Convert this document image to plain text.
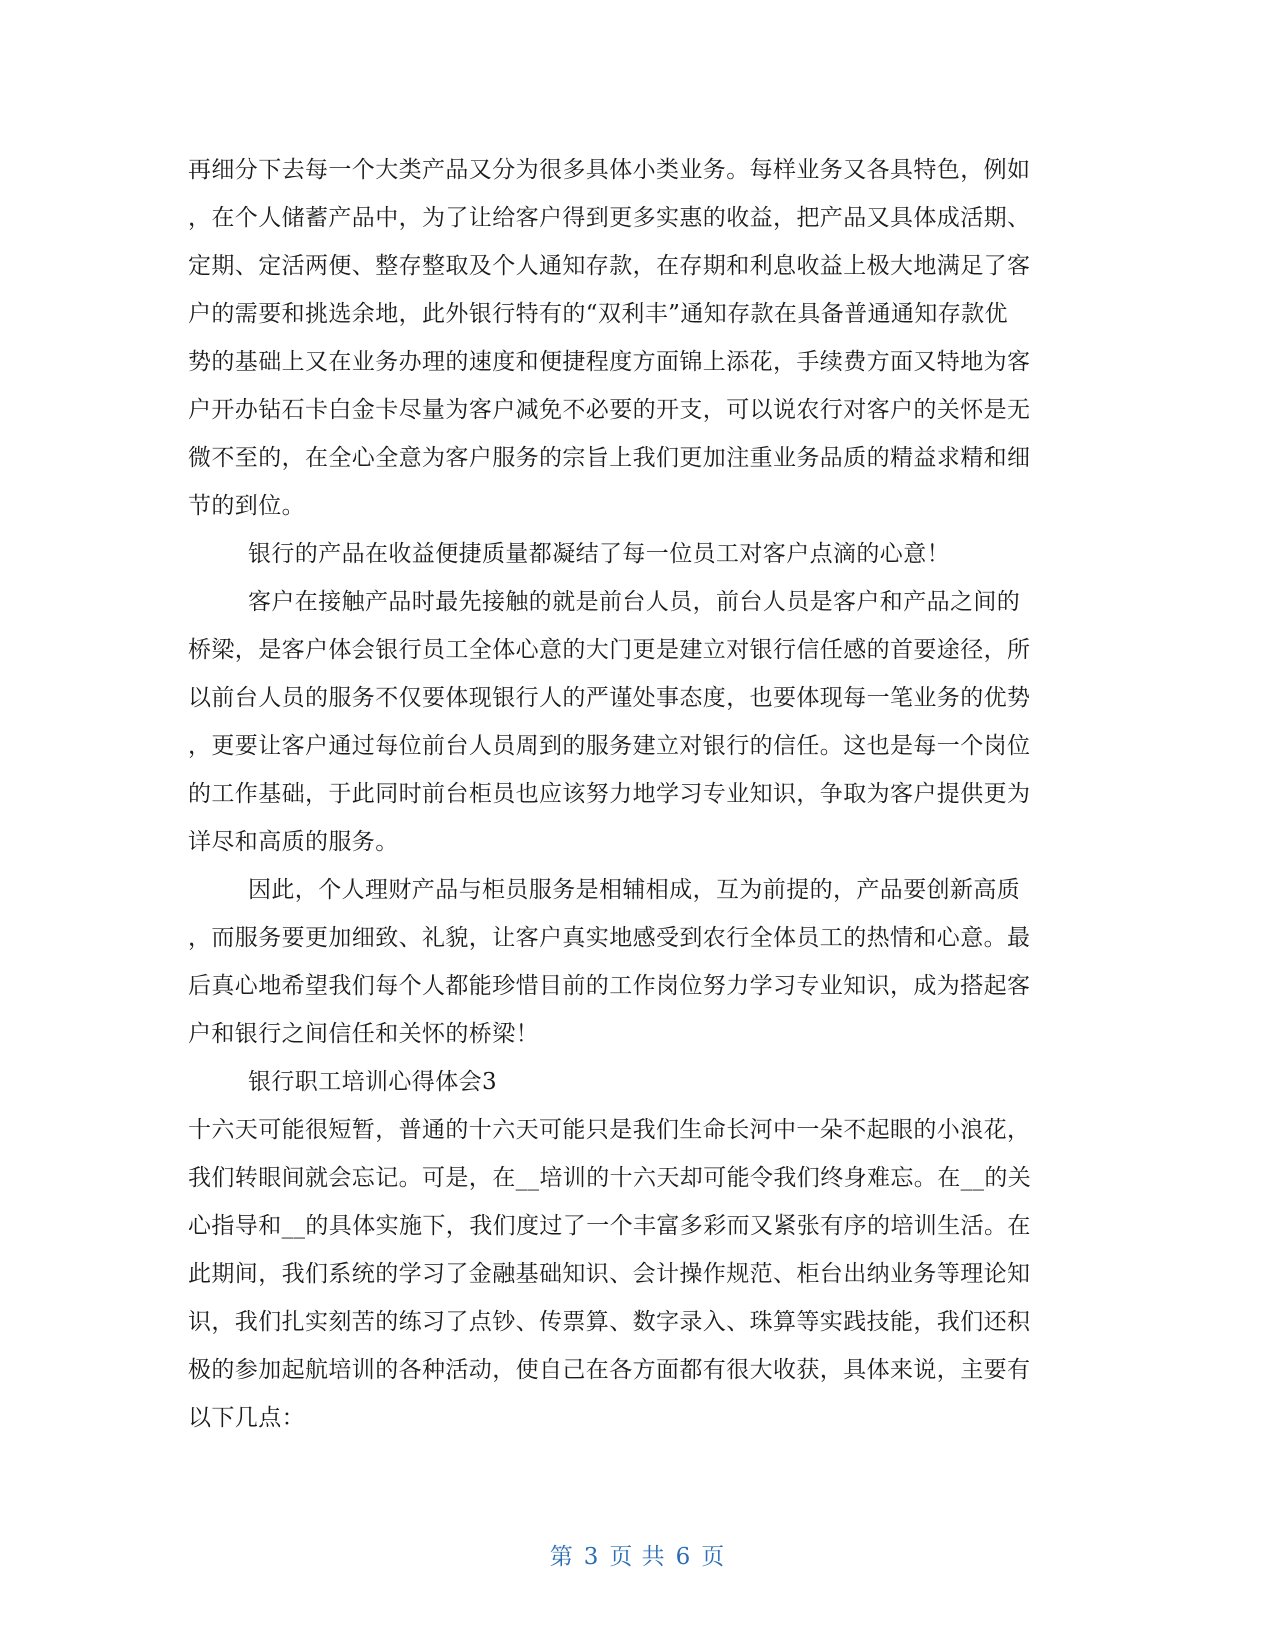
再细分下去每一个大类产品又分为很多具体小类业务。每样业务又各具特色，例如
，在个人储蓄产品中，为了让给客户得到更多实惠的收益，把产品又具体成活期、
定期、定活两便、整存整取及个人通知存款，在存期和利息收益上极大地满足了客
户的需要和挑选余地，此外银行特有的“双利丰”通知存款在具备普通通知存款优
势的基础上又在业务办理的速度和便捷程度方面锦上添花，手续费方面又特地为客
户开办钻石卡白金卡尽量为客户减免不必要的开支，可以说农行对客户的关怀是无
微不至的，在全心全意为客户服务的宗旨上我们更加注重业务品质的精益求精和细
节的到位。
银行的产品在收益便捷质量都凝结了每一位员工对客户点滴的心意！
客户在接触产品时最先接触的就是前台人员，前台人员是客户和产品之间的
桥梁，是客户体会银行员工全体心意的大门更是建立对银行信任感的首要途径，所
以前台人员的服务不仅要体现银行人的严谨处事态度，也要体现每一笔业务的优势
，更要让客户通过每位前台人员周到的服务建立对银行的信任。这也是每一个岗位
的工作基础，于此同时前台柜员也应该努力地学习专业知识，争取为客户提供更为
详尽和高质的服务。
因此，个人理财产品与柜员服务是相辅相成，互为前提的，产品要创新高质
，而服务要更加细致、礼貌，让客户真实地感受到农行全体员工的热情和心意。最
后真心地希望我们每个人都能珍惜目前的工作岗位努力学习专业知识，成为搭起客
户和银行之间信任和关怀的桥梁！
银行职工培训心得体会3
十六天可能很短暂，普通的十六天可能只是我们生命长河中一朵不起眼的小浪花，
我们转眼间就会忘记。可是，在__培训的十六天却可能令我们终身难忘。在__的关
心指导和__的具体实施下，我们度过了一个丰富多彩而又紧张有序的培训生活。在
此期间，我们系统的学习了金融基础知识、会计操作规范、柜台出纳业务等理论知
识，我们扎实刻苦的练习了点钞、传票算、数字录入、珠算等实践技能，我们还积
极的参加起航培训的各种活动，使自己在各方面都有很大收获，具体来说，主要有
以下几点：
第 3 页 共 6 页
